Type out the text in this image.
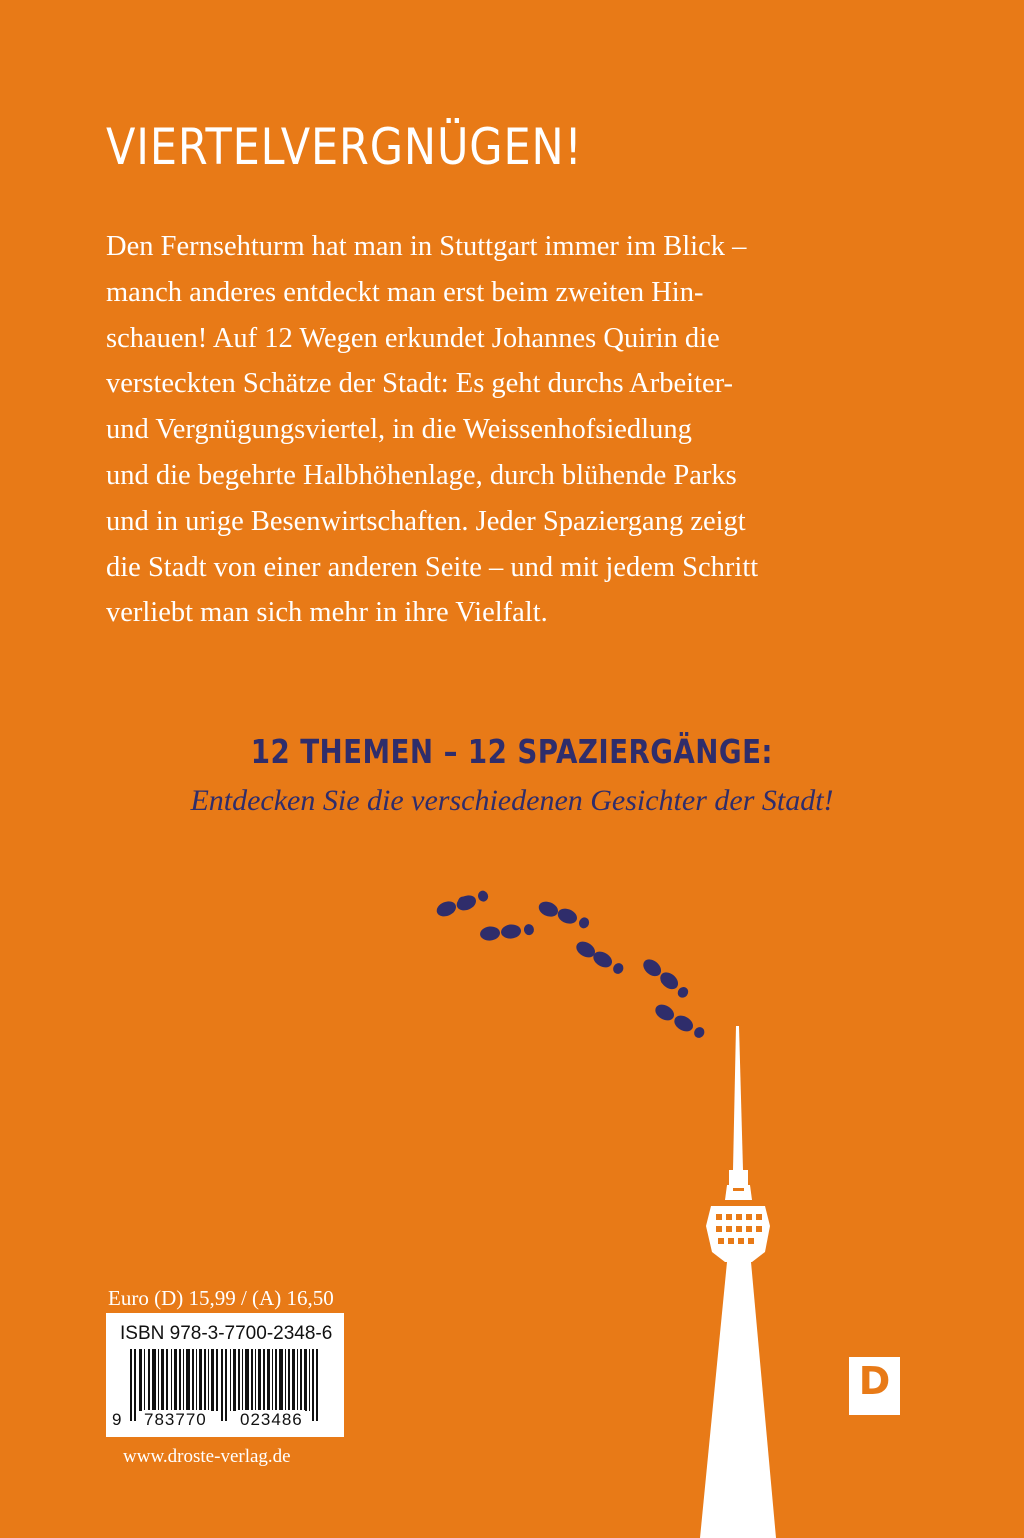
VIERTELVERGNÜGEN!
Den Fernsehturm hat man in Stuttgart immer im Blick –
manch anderes entdeckt man erst beim zweiten Hin-
schauen! Auf 12 Wegen erkundet Johannes Quirin die
versteckten Schätze der Stadt: Es geht durchs Arbeiter-
und Vergnügungsviertel, in die Weissenhofsiedlung
und die begehrte Halbhöhenlage, durch blühende Parks
und in urige Besenwirtschaften. Jeder Spaziergang zeigt
die Stadt von einer anderen Seite – und mit jedem Schritt
verliebt man sich mehr in ihre Vielfalt.
12 THEMEN – 12 SPAZIERGÄNGE:
Entdecken Sie die verschiedenen Gesichter der Stadt!
Euro (D) 15,99 / (A) 16,50
ISBN 978-3-7700-2348-6
9 783770 023486
www.droste-verlag.de
D
